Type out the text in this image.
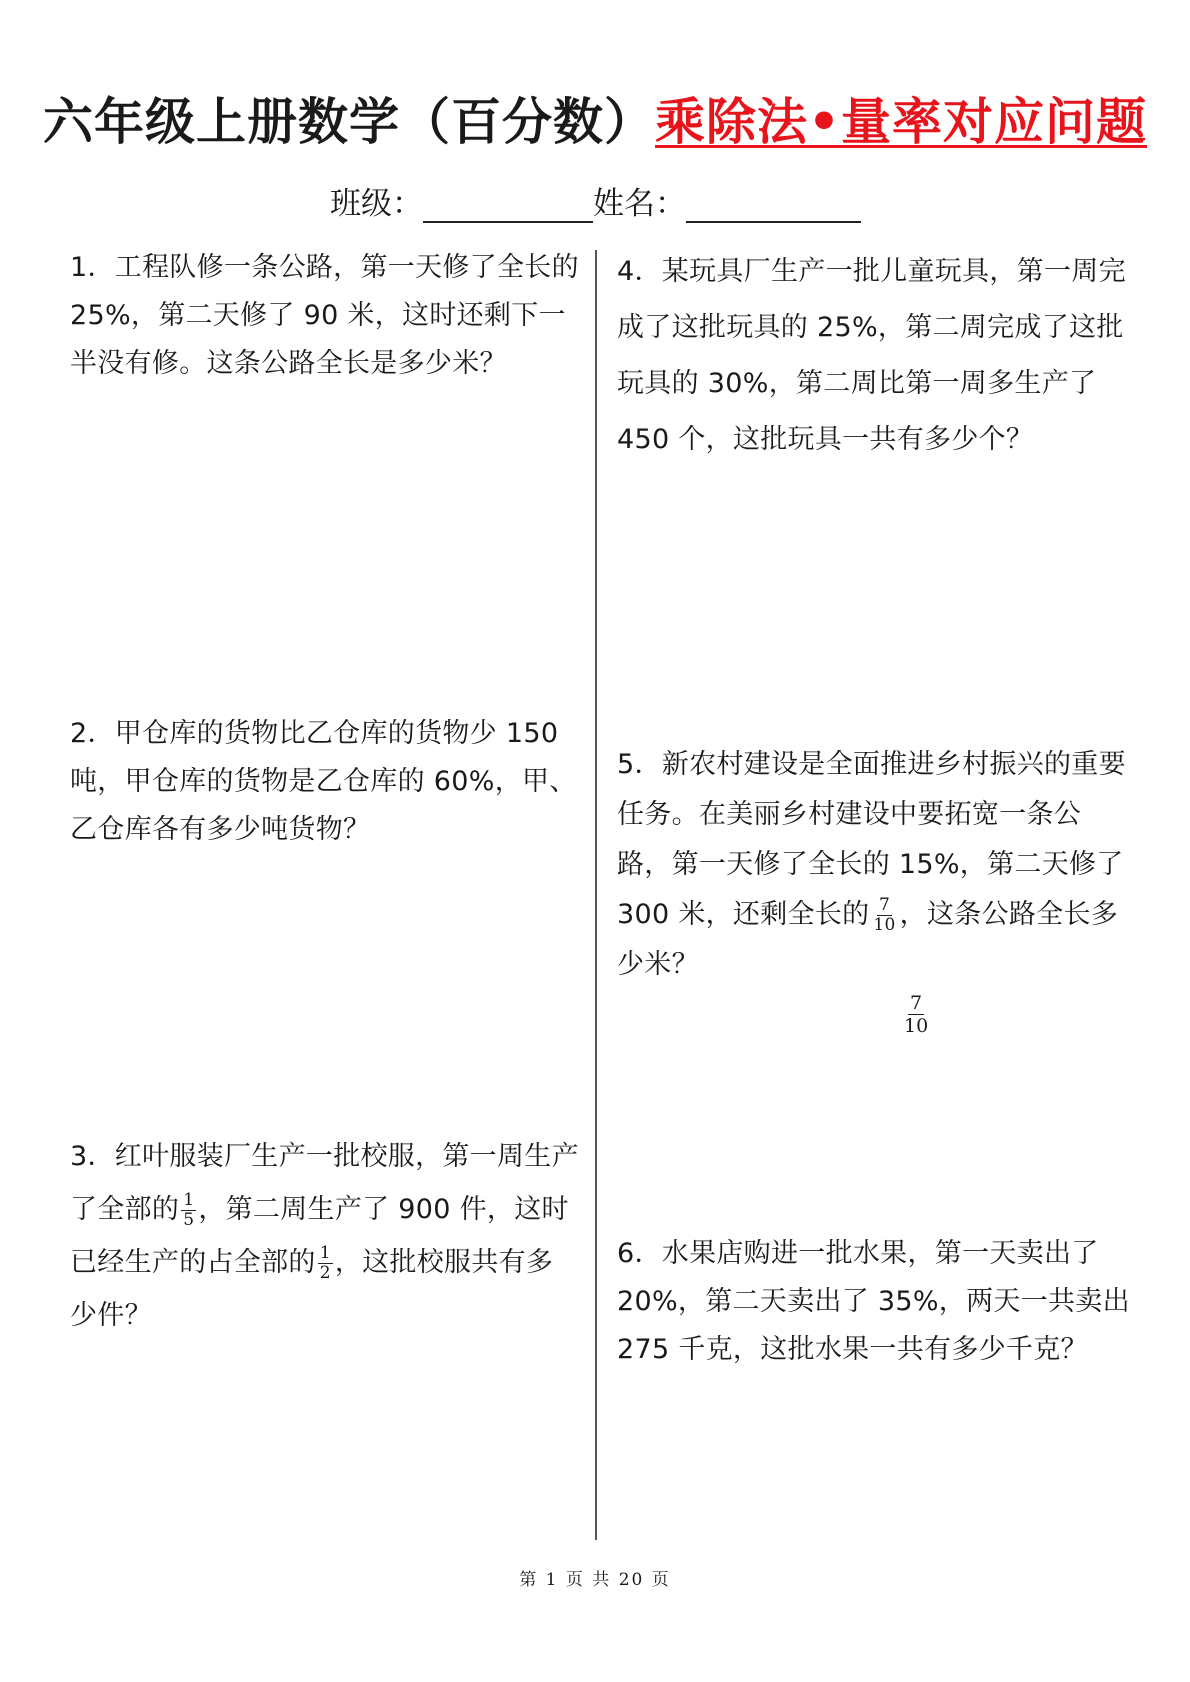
六年级上册数学（百分数）乘除法•量率对应问题
班级：	姓名：
1．工程队修一条公路，第一天修了全长的 25%，第二天修了 90 米，这时还剩下一半没有修。这条公路全长是多少米？
2．甲仓库的货物比乙仓库的货物少 150 吨，甲仓库的货物是乙仓库的 60%，甲、乙仓库各有多少吨货物？
3．红叶服装厂生产一批校服，第一周生产了全部的 $\frac{1}{5}$ ，第二周生产了 900 件，这时已经生产的占全部的 $\frac{1}{2}$ ，这批校服共有多少件？
4．某玩具厂生产一批儿童玩具，第一周完成了这批玩具的 25%，第二周完成了这批玩具的 30%，第二周比第一周多生产了 450 个，这批玩具一共有多少个？
5．新农村建设是全面推进乡村振兴的重要任务。在美丽乡村建设中要拓宽一条公路，第一天修了全长的 15%，第二天修了 300 米，还剩全长的 $\frac{7}{10}$ ，这条公路全长多少米？
$\frac{7}{10}$
6．水果店购进一批水果，第一天卖出了 20%，第二天卖出了 35%，两天一共卖出 275 千克，这批水果一共有多少千克？
第 1 页 共 20 页
